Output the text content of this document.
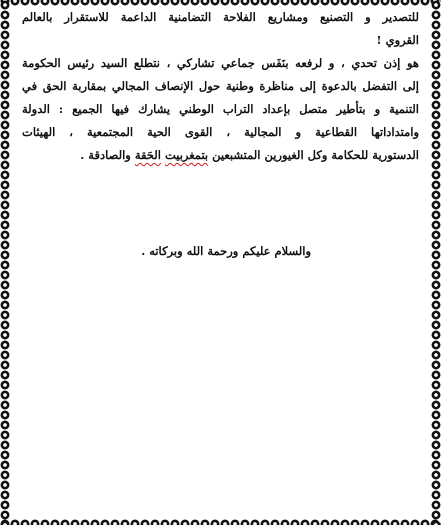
للتصدير و التصنيع ومشاريع الفلاحة التضامنية الداعمة للاستقرار بالعالم
القروي !
هو إذن تحدي ، و لرفعه بنَفَس جماعي تشاركي ، نتطلع السيد رئيس الحكومة
إلى التفضل بالدعوة إلى مناظرة وطنية حول الإنصاف المجالي بمقاربة الحق في
التنمية و بتأطير متصل بإعداد التراب الوطني يشارك فيها الجميع : الدولة
وامتداداتها القطاعية و المجالية ، القوى الحية المجتمعية ، الهيئات
الدستورية للحكامة وكل الغيورين المتشبعين بتمغربيت الحَقة والصادقة .
والسلام عليكم ورحمة الله وبركاته .
